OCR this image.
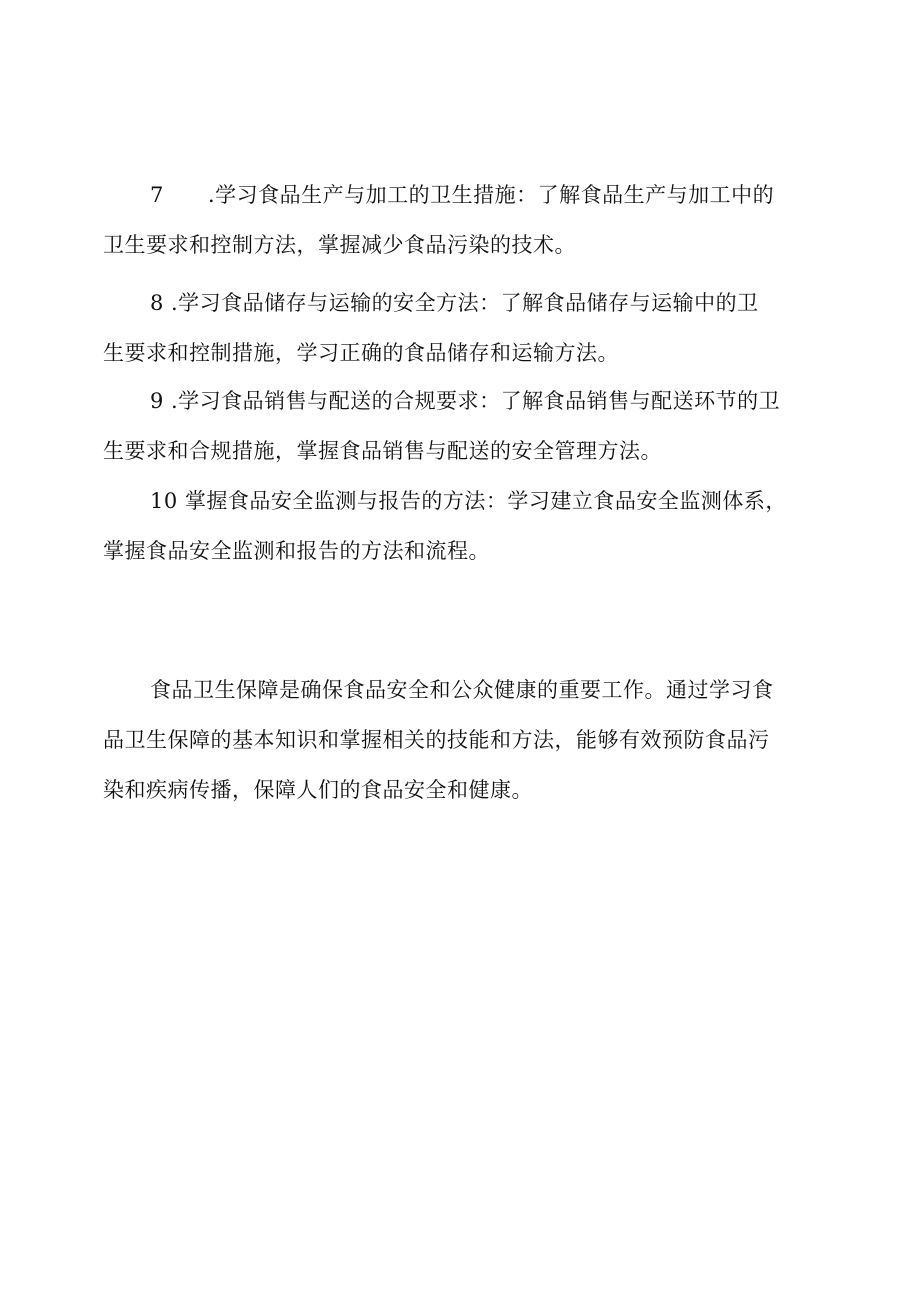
7 .学习食品生产与加工的卫生措施：了解食品生产与加工中的
卫生要求和控制方法，掌握减少食品污染的技术。

8 .学习食品储存与运输的安全方法：了解食品储存与运输中的卫
生要求和控制措施，学习正确的食品储存和运输方法。

9 .学习食品销售与配送的合规要求：了解食品销售与配送环节的卫
生要求和合规措施，掌握食品销售与配送的安全管理方法。

10 掌握食品安全监测与报告的方法：学习建立食品安全监测体系，
掌握食品安全监测和报告的方法和流程。

食品卫生保障是确保食品安全和公众健康的重要工作。通过学习食
品卫生保障的基本知识和掌握相关的技能和方法，能够有效预防食品污
染和疾病传播，保障人们的食品安全和健康。
